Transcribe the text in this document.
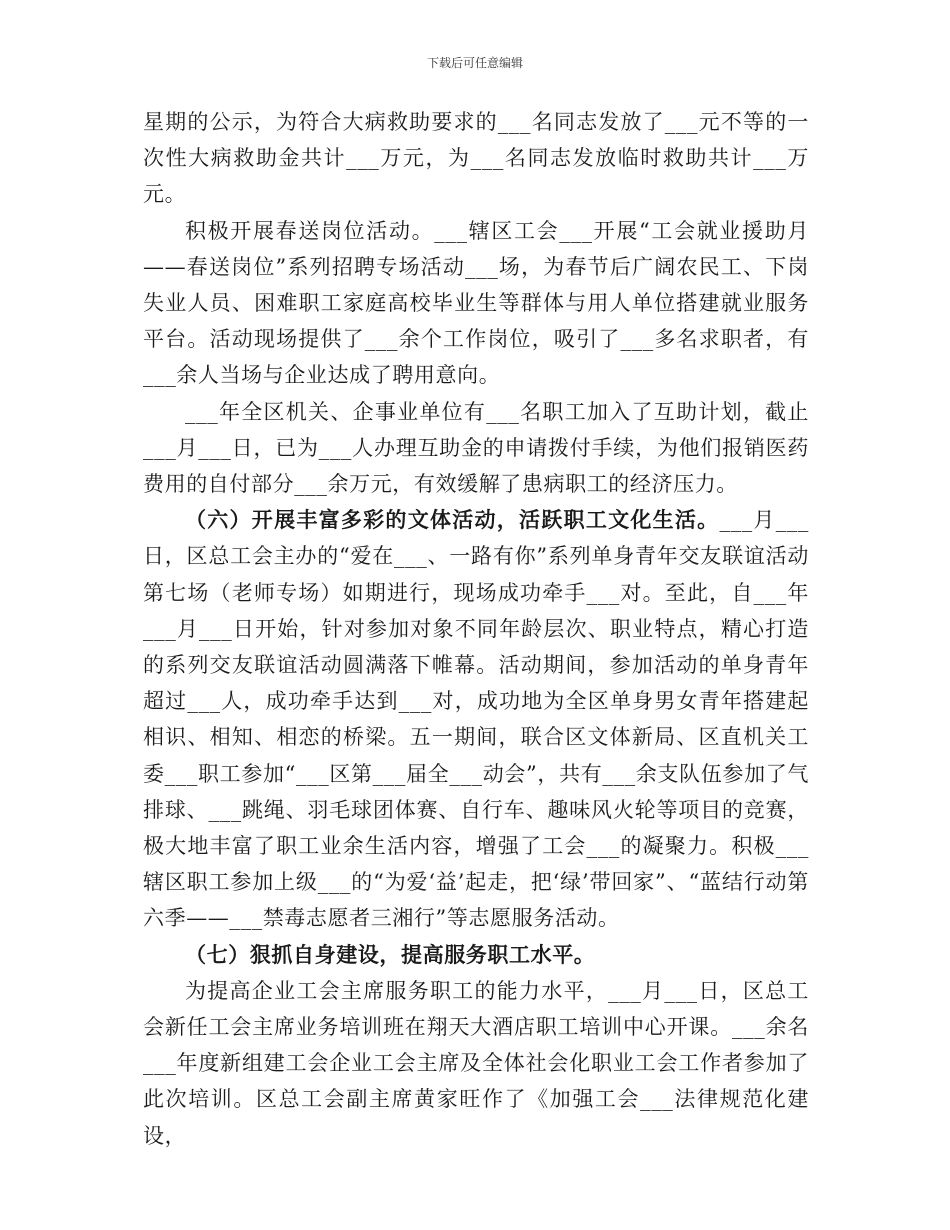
下载后可任意编辑

星期的公示，为符合大病救助要求的___名同志发放了___元不等的一次性大病救助金共计___万元，为___名同志发放临时救助共计___万元。

积极开展春送岗位活动。___辖区工会___开展“工会就业援助月——春送岗位”系列招聘专场活动___场，为春节后广阔农民工、下岗失业人员、困难职工家庭高校毕业生等群体与用人单位搭建就业服务平台。活动现场提供了___余个工作岗位，吸引了___多名求职者，有___余人当场与企业达成了聘用意向。

___年全区机关、企事业单位有___名职工加入了互助计划，截止___月___日，已为___人办理互助金的申请拨付手续，为他们报销医药费用的自付部分___余万元，有效缓解了患病职工的经济压力。

（六）开展丰富多彩的文体活动，活跃职工文化生活。___月___日，区总工会主办的“爱在___、一路有你”系列单身青年交友联谊活动第七场（老师专场）如期进行，现场成功牵手___对。至此，自___年___月___日开始，针对参加对象不同年龄层次、职业特点，精心打造的系列交友联谊活动圆满落下帷幕。活动期间，参加活动的单身青年超过___人，成功牵手达到___对，成功地为全区单身男女青年搭建起相识、相知、相恋的桥梁。五一期间，联合区文体新局、区直机关工委___职工参加“___区第___届全___动会”，共有___余支队伍参加了气排球、___跳绳、羽毛球团体赛、自行车、趣味风火轮等项目的竞赛，极大地丰富了职工业余生活内容，增强了工会___的凝聚力。积极___辖区职工参加上级___的“为爱‘益’起走，把‘绿’带回家”、“蓝结行动第六季——___禁毒志愿者三湘行”等志愿服务活动。

（七）狠抓自身建设，提高服务职工水平。

为提高企业工会主席服务职工的能力水平，___月___日，区总工会新任工会主席业务培训班在翔天大酒店职工培训中心开课。___余名___年度新组建工会企业工会主席及全体社会化职业工会工作者参加了此次培训。区总工会副主席黄家旺作了《加强工会___法律规范化建设，
